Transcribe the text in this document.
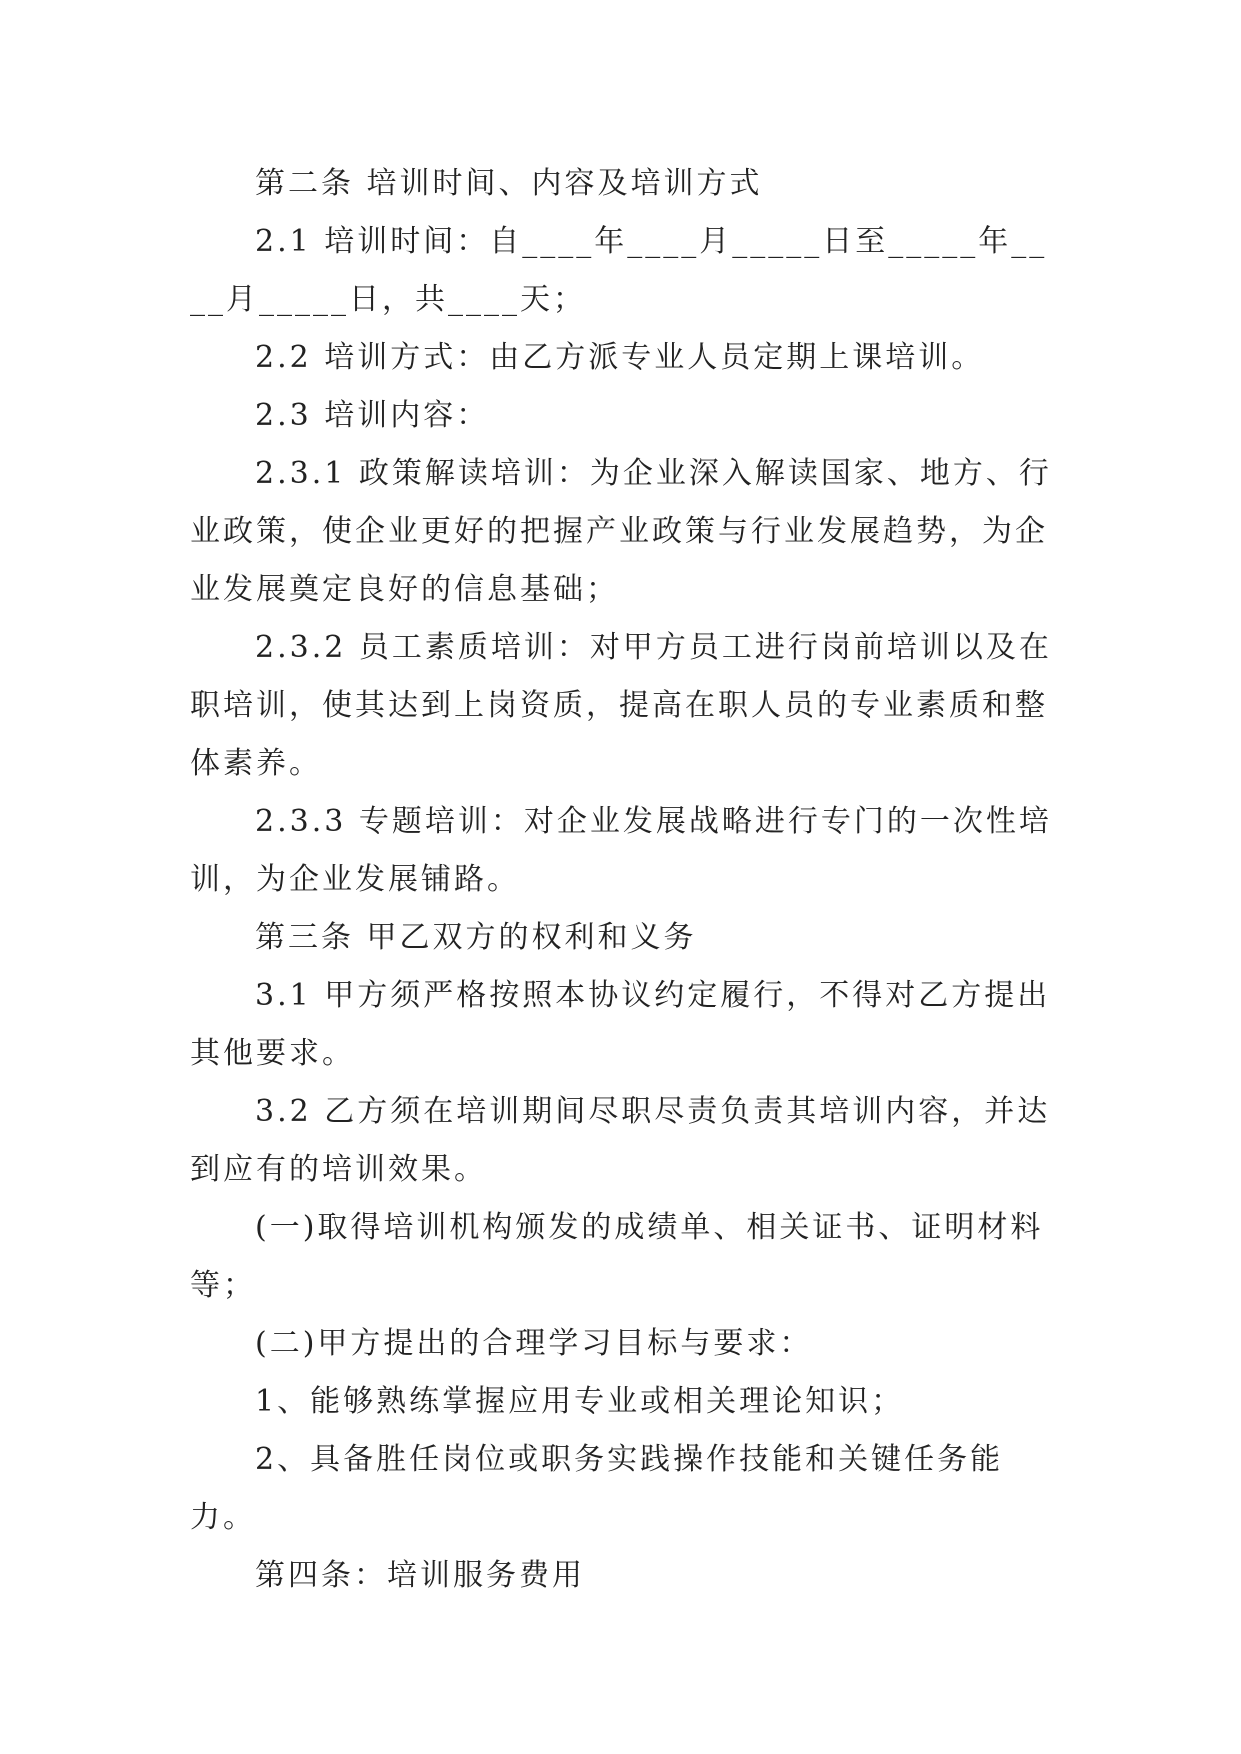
第二条 培训时间、内容及培训方式

2.1 培训时间：自____年____月_____日至_____年____月_____日，共____天；

2.2 培训方式：由乙方派专业人员定期上课培训。

2.3 培训内容：

2.3.1 政策解读培训：为企业深入解读国家、地方、行业政策，使企业更好的把握产业政策与行业发展趋势，为企业发展奠定良好的信息基础；

2.3.2 员工素质培训：对甲方员工进行岗前培训以及在职培训，使其达到上岗资质，提高在职人员的专业素质和整体素养。

2.3.3 专题培训：对企业发展战略进行专门的一次性培训，为企业发展铺路。

第三条 甲乙双方的权利和义务

3.1 甲方须严格按照本协议约定履行，不得对乙方提出其他要求。

3.2 乙方须在培训期间尽职尽责负责其培训内容，并达到应有的培训效果。

(一)取得培训机构颁发的成绩单、相关证书、证明材料等；

(二)甲方提出的合理学习目标与要求：

1、能够熟练掌握应用专业或相关理论知识；

2、具备胜任岗位或职务实践操作技能和关键任务能力。

第四条：培训服务费用
